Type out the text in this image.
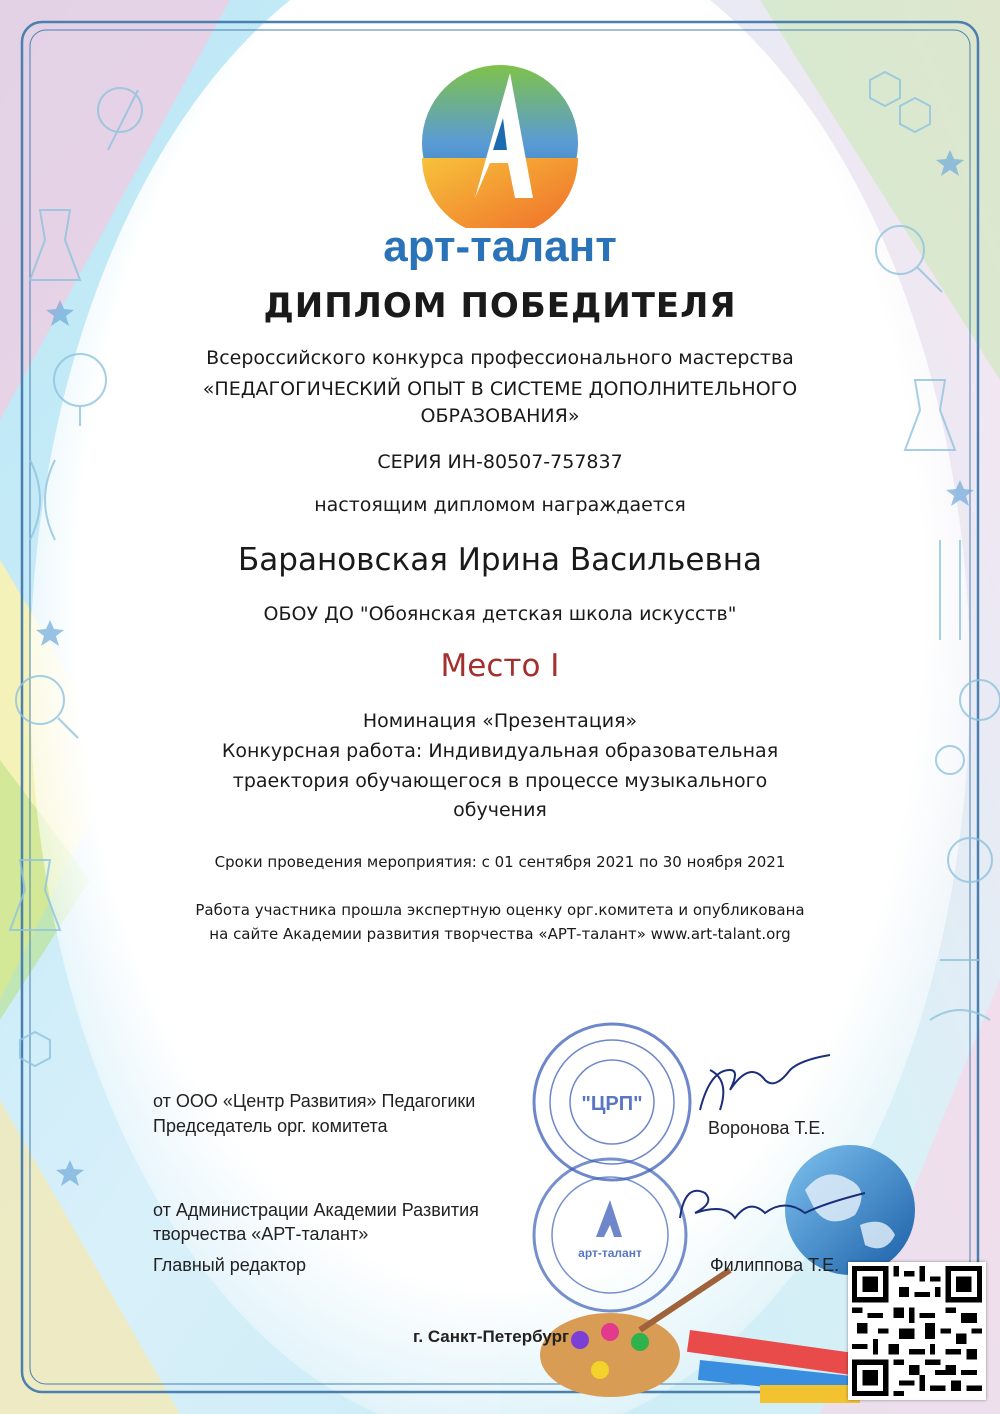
арт-талант
ДИПЛОМ ПОБЕДИТЕЛЯ
Всероссийского конкурса профессионального мастерства
«ПЕДАГОГИЧЕСКИЙ ОПЫТ В СИСТЕМЕ ДОПОЛНИТЕЛЬНОГО
ОБРАЗОВАНИЯ»
СЕРИЯ ИН-80507-757837
настоящим дипломом награждается
Барановская Ирина Васильевна
ОБОУ ДО "Обоянская детская школа искусств"
Место I
Номинация «Презентация»
Конкурсная работа: Индивидуальная образовательная
траектория обучающегося в процессе музыкального
обучения
Сроки проведения мероприятия: с 01 сентября 2021 по 30 ноября 2021
Работа участника прошла экспертную оценку орг.комитета и опубликована
на сайте Академии развития творчества «АРТ-талант» www.art-talant.org
"ЦРП"
арт-талант
от ООО «Центр Развития» Педагогики
Председатель орг. комитета	Воронова Т.Е.
от Администрации Академии Развития
творчества «АРТ-талант»
Главный редактор	Филиппова Т.Е.
г. Санкт-Петербург
